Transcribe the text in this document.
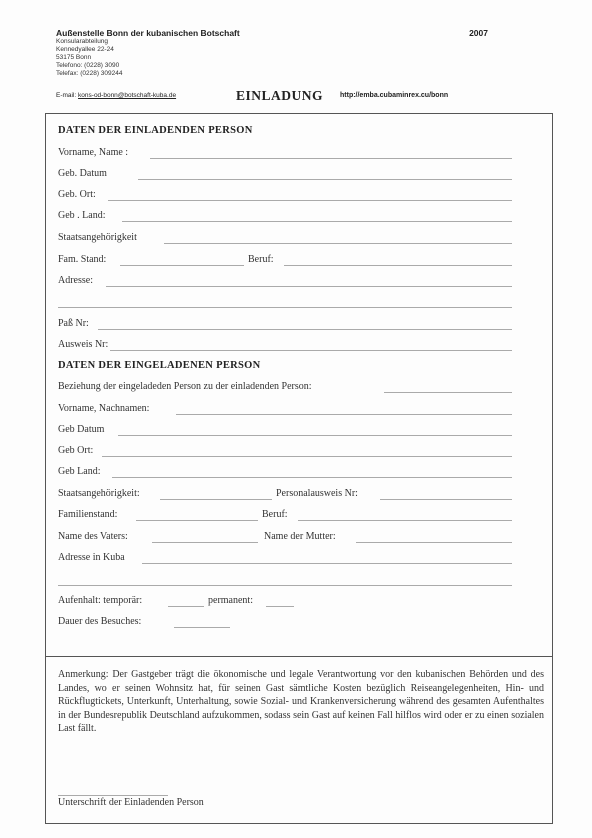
Außenstelle Bonn der kubanischen Botschaft
Konsularabteilung
Kennedyallee 22-24
53175 Bonn
Telefono: (0228) 3090
Telefax: (0228) 309244
2007
E-mail: kons-od-bonn@botschaft-kuba.de	EINLADUNG http://emba.cubaminrex.cu/bonn
DATEN DER EINLADENDEN PERSON
Vorname, Name :
Geb. Datum
Geb. Ort:
Geb . Land:
Staatsangehörigkeit
Fam. Stand:	Beruf:
Adresse:
Paß Nr:
Ausweis Nr:
DATEN DER EINGELADENEN PERSON
Beziehung der eingeladeden Person zu der einladenden Person:
Vorname, Nachnamen:
Geb Datum
Geb Ort:
Geb Land:
Staatsangehörigkeit:	Personalausweis Nr:
Familienstand:	Beruf:
Name des Vaters:	Name der Mutter:
Adresse in Kuba
Aufenhalt: temporär:	permanent:
Dauer des Besuches:
Anmerkung: Der Gastgeber trägt die ökonomische und legale Verantwortung vor den kubanischen Behörden und des Landes, wo er seinen Wohnsitz hat, für seinen Gast sämtliche Kosten bezüglich Reiseangelegenheiten, Hin- und Rückflugtickets, Unterkunft, Unterhaltung, sowie Sozial- und Krankenversicherung während des gesamten Aufenthaltes in der Bundesrepublik Deutschland aufzukommen, sodass sein Gast auf keinen Fall hilflos wird oder er zu einen sozialen Last fällt.
Unterschrift der Einladenden Person
